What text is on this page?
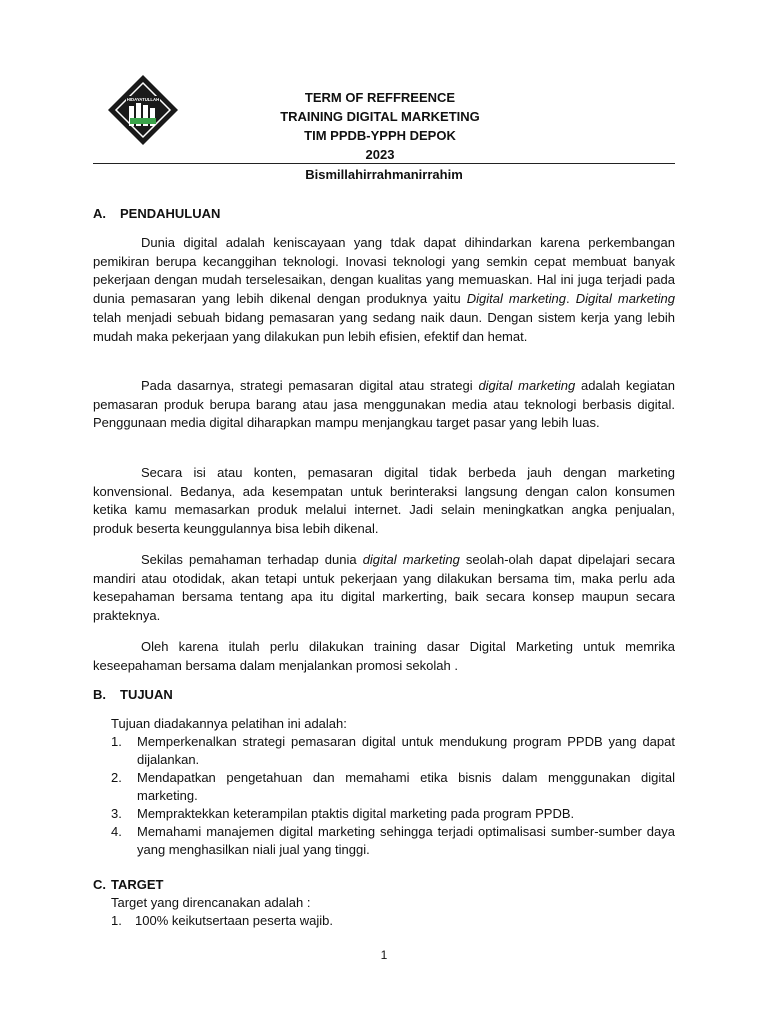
HIDAYATULLAH	TERM OF REFFREENCE
TRAINING DIGITAL MARKETING
TIM PPDB-YPPH DEPOK
2023
Bismillahirrahmanirrahim
A. PENDAHULUAN

Dunia digital adalah keniscayaan yang tdak dapat dihindarkan karena perkembangan pemikiran berupa kecanggihan teknologi. Inovasi teknologi yang semkin cepat membuat banyak pekerjaan dengan mudah terselesaikan, dengan kualitas yang memuaskan. Hal ini juga terjadi pada dunia pemasaran yang lebih dikenal dengan produknya yaitu Digital marketing. Digital marketing telah menjadi sebuah bidang pemasaran yang sedang naik daun. Dengan sistem kerja yang lebih mudah maka pekerjaan yang dilakukan pun lebih efisien, efektif dan hemat.

Pada dasarnya, strategi pemasaran digital atau strategi digital marketing adalah kegiatan pemasaran produk berupa barang atau jasa menggunakan media atau teknologi berbasis digital. Penggunaan media digital diharapkan mampu menjangkau target pasar yang lebih luas.

Secara isi atau konten, pemasaran digital tidak berbeda jauh dengan marketing konvensional. Bedanya, ada kesempatan untuk berinteraksi langsung dengan calon konsumen ketika kamu memasarkan produk melalui internet. Jadi selain meningkatkan angka penjualan, produk beserta keunggulannya bisa lebih dikenal.

Sekilas pemahaman terhadap dunia digital marketing seolah-olah dapat dipelajari secara mandiri atau otodidak, akan tetapi untuk pekerjaan yang dilakukan bersama tim, maka perlu ada kesepahaman bersama tentang apa itu digital markerting, baik secara konsep maupun secara prakteknya.

Oleh karena itulah perlu dilakukan training dasar Digital Marketing untuk memrika keseepahaman bersama dalam menjalankan promosi sekolah .

B. TUJUAN

Tujuan diadakannya pelatihan ini adalah:

1. Memperkenalkan strategi pemasaran digital untuk mendukung program PPDB yang dapat dijalankan.
2. Mendapatkan pengetahuan dan memahami etika bisnis dalam menggunakan digital marketing.
3. Mempraktekkan keterampilan ptaktis digital marketing pada program PPDB.
4. Memahami manajemen digital marketing sehingga terjadi optimalisasi sumber-sumber daya yang menghasilkan niali jual yang tinggi.
C. TARGET

Target yang direncanakan adalah :

1. 100% keikutsertaan peserta wajib.
1
